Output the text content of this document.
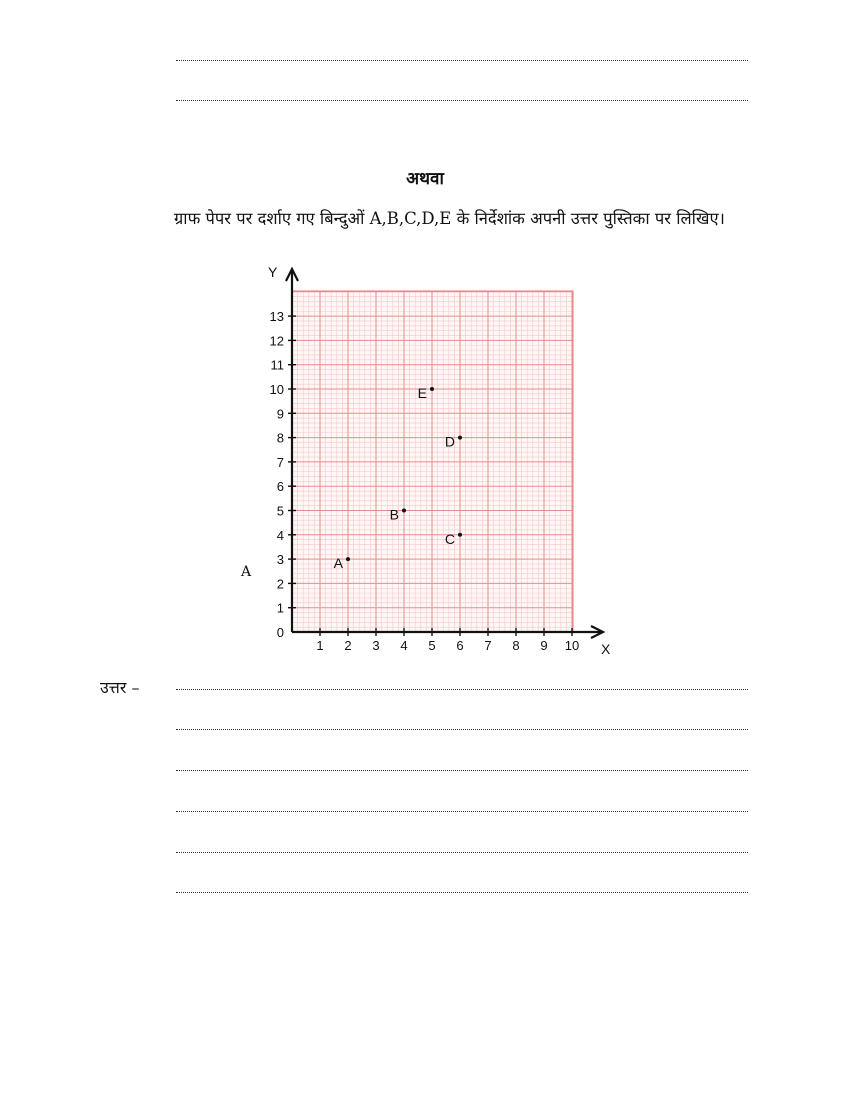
अथवा
ग्राफ पेपर पर दर्शाए गए बिन्दुओं A,B,C,D,E के निर्देशांक अपनी उत्तर पुस्तिका पर लिखिए।
X
Y
1 2 3 4 5 6 7 8 9 10
0
1
2
3
4
5
6
7
8
9
10
11
12
13
A
B
C
D
E
A
उत्तर –
